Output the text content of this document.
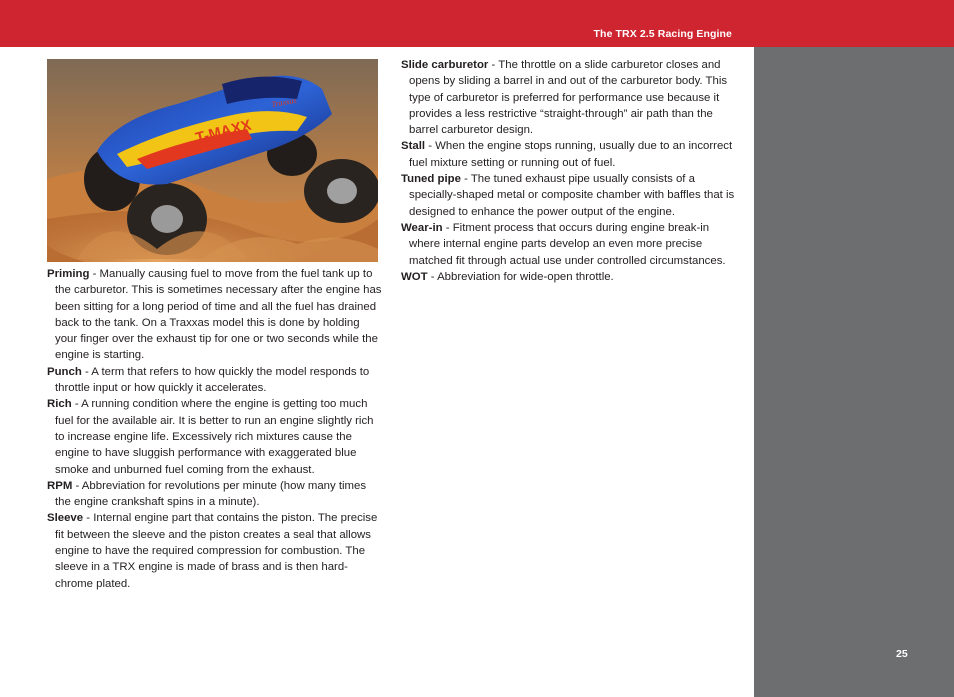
The TRX 2.5 Racing Engine
25
T-MAXX
Traxxas

Priming - Manually causing fuel to move from the fuel tank up to the carburetor. This is sometimes necessary after the engine has been sitting for a long period of time and all the fuel has drained back to the tank. On a Traxxas model this is done by holding your finger over the exhaust tip for one or two seconds while the engine is starting.

Punch - A term that refers to how quickly the model responds to throttle input or how quickly it accelerates.

Rich - A running condition where the engine is getting too much fuel for the available air. It is better to run an engine slightly rich to increase engine life. Excessively rich mixtures cause the engine to have sluggish performance with exaggerated blue smoke and unburned fuel coming from the exhaust.

RPM - Abbreviation for revolutions per minute (how many times the engine crankshaft spins in a minute).

Sleeve - Internal engine part that contains the piston. The precise fit between the sleeve and the piston creates a seal that allows engine to have the required compression for combustion. The sleeve in a TRX engine is made of brass and is then hard-chrome plated.

Slide carburetor - The throttle on a slide carburetor closes and opens by sliding a barrel in and out of the carburetor body. This type of carburetor is preferred for performance use because it provides a less restrictive “straight-through” air path than the barrel carburetor design.

Stall - When the engine stops running, usually due to an incorrect fuel mixture setting or running out of fuel.

Tuned pipe - The tuned exhaust pipe usually consists of a specially-shaped metal or composite chamber with baffles that is designed to enhance the power output of the engine.

Wear-in - Fitment process that occurs during engine break-in where internal engine parts develop an even more precise matched fit through actual use under controlled circumstances.

WOT - Abbreviation for wide-open throttle.
